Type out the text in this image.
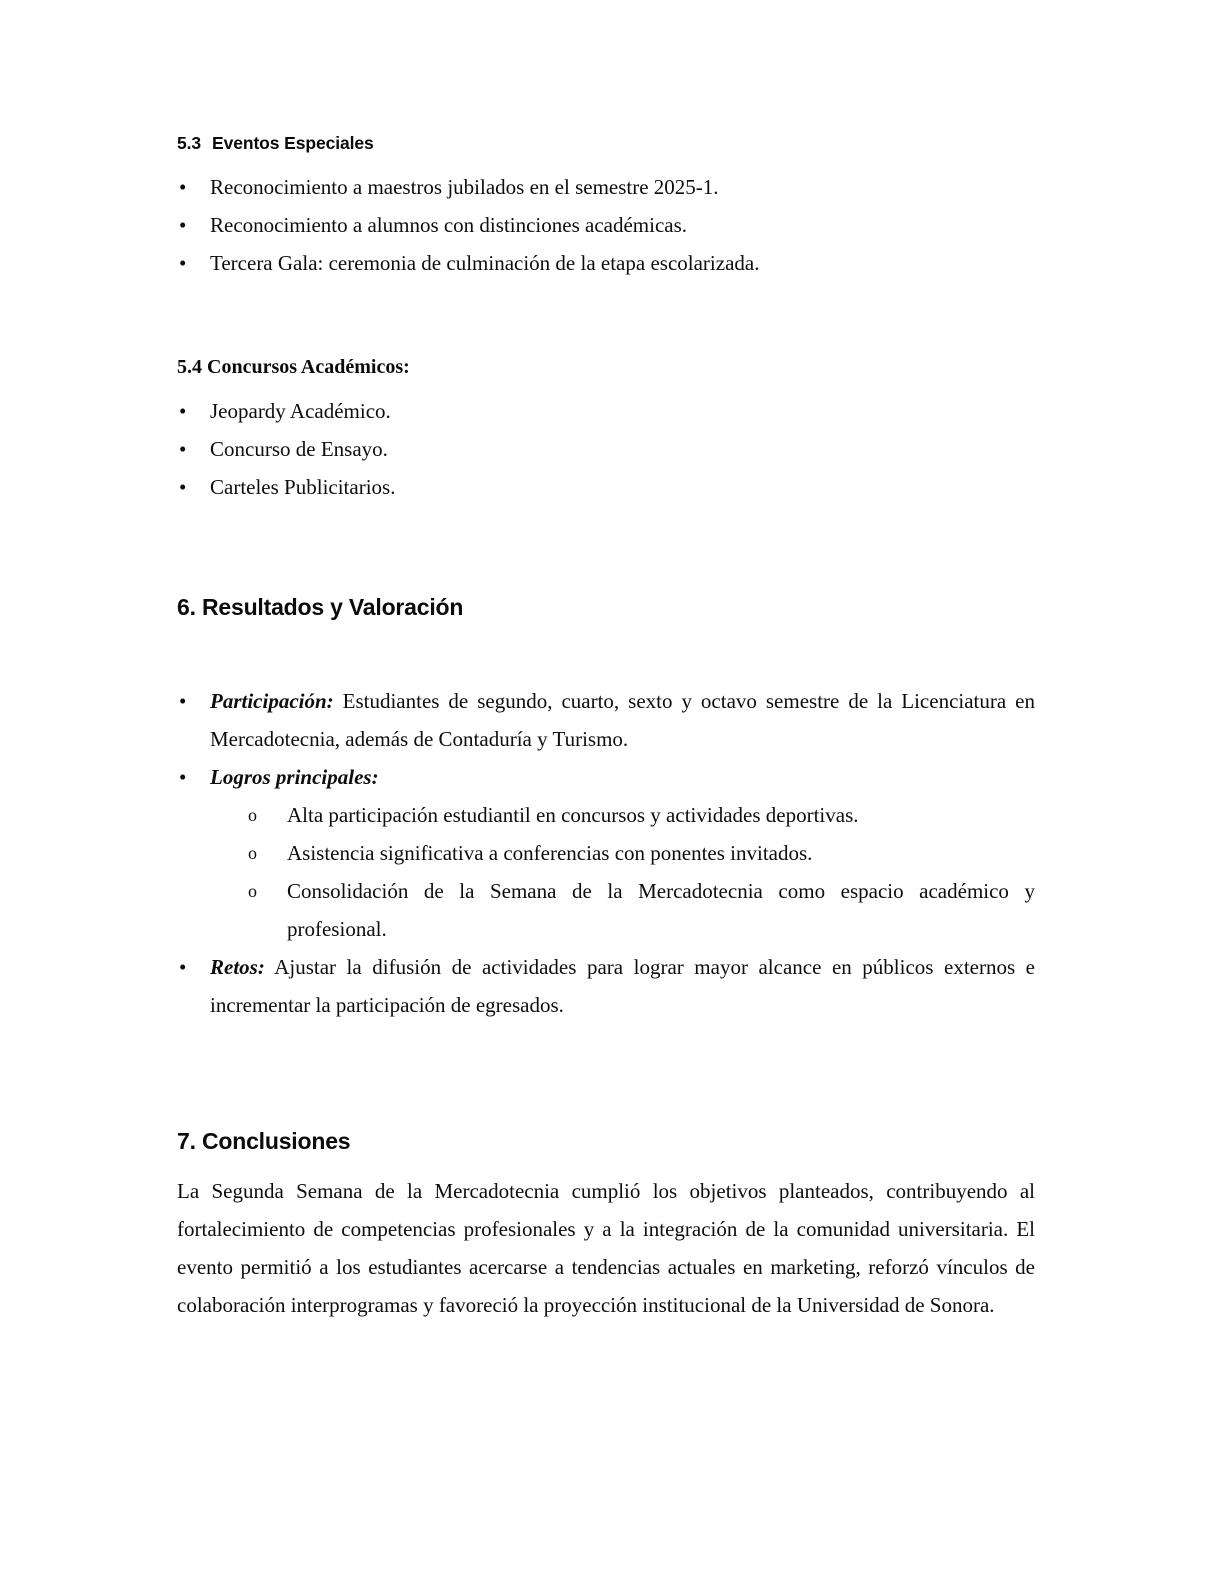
5.3 Eventos Especiales
• Reconocimiento a maestros jubilados en el semestre 2025-1.
• Reconocimiento a alumnos con distinciones académicas.
• Tercera Gala: ceremonia de culminación de la etapa escolarizada.
5.4 Concursos Académicos:
• Jeopardy Académico.
• Concurso de Ensayo.
• Carteles Publicitarios.
6. Resultados y Valoración
• Participación: Estudiantes de segundo, cuarto, sexto y octavo semestre de la Licenciatura en Mercadotecnia, además de Contaduría y Turismo.
• Logros principales:
o Alta participación estudiantil en concursos y actividades deportivas.
o Asistencia significativa a conferencias con ponentes invitados.
o Consolidación de la Semana de la Mercadotecnia como espacio académico y profesional.
• Retos: Ajustar la difusión de actividades para lograr mayor alcance en públicos externos e incrementar la participación de egresados.
7. Conclusiones

La Segunda Semana de la Mercadotecnia cumplió los objetivos planteados, contribuyendo al fortalecimiento de competencias profesionales y a la integración de la comunidad universitaria. El evento permitió a los estudiantes acercarse a tendencias actuales en marketing, reforzó vínculos de colaboración interprogramas y favoreció la proyección institucional de la Universidad de Sonora.
